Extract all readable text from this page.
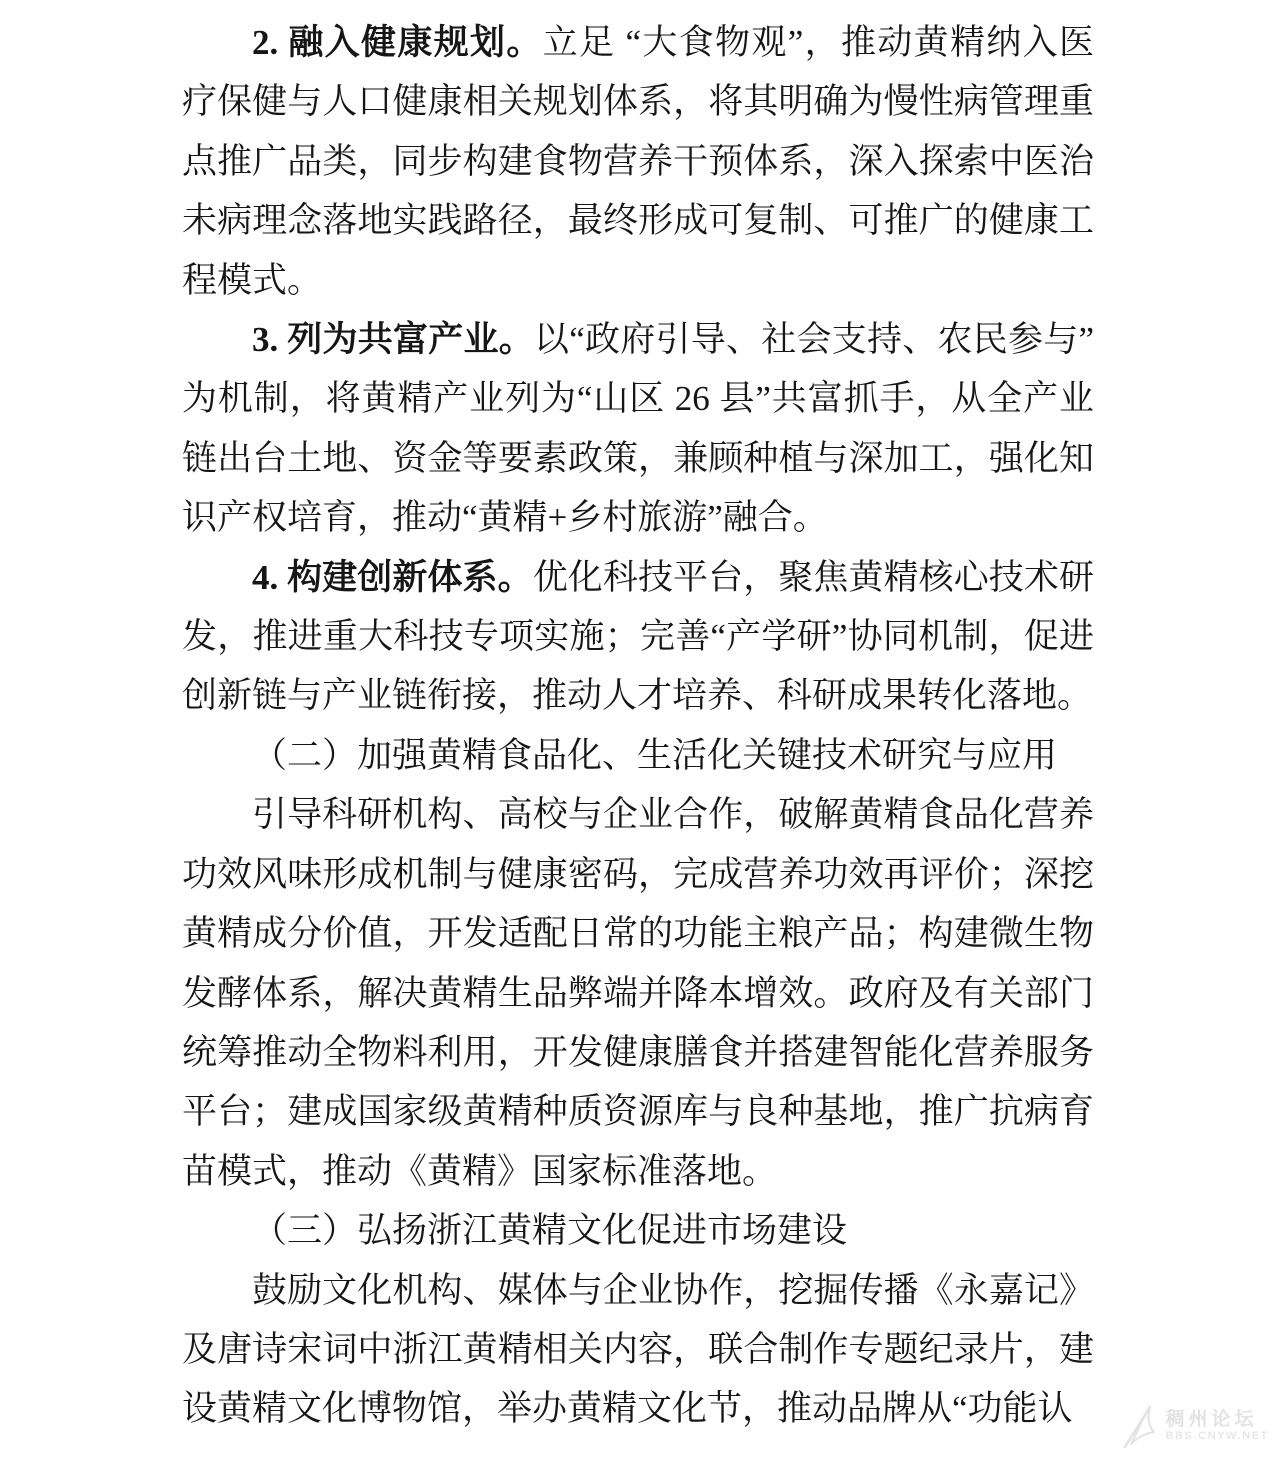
2. 融入健康规划。立足 “大食物观”，推动黄精纳入医疗保健与人口健康相关规划体系，将其明确为慢性病管理重点推广品类，同步构建食物营养干预体系，深入探索中医治未病理念落地实践路径，最终形成可复制、可推广的健康工程模式。

3. 列为共富产业。以“政府引导、社会支持、农民参与”为机制，将黄精产业列为“山区 26 县”共富抓手，从全产业链出台土地、资金等要素政策，兼顾种植与深加工，强化知识产权培育，推动“黄精+乡村旅游”融合。

4. 构建创新体系。优化科技平台，聚焦黄精核心技术研发，推进重大科技专项实施；完善“产学研”协同机制，促进创新链与产业链衔接，推动人才培养、科研成果转化落地。

（二）加强黄精食品化、生活化关键技术研究与应用

引导科研机构、高校与企业合作，破解黄精食品化营养功效风味形成机制与健康密码，完成营养功效再评价；深挖黄精成分价值，开发适配日常的功能主粮产品；构建微生物发酵体系，解决黄精生品弊端并降本增效。政府及有关部门统筹推动全物料利用，开发健康膳食并搭建智能化营养服务平台；建成国家级黄精种质资源库与良种基地，推广抗病育苗模式，推动《黄精》国家标准落地。

（三）弘扬浙江黄精文化促进市场建设

鼓励文化机构、媒体与企业协作，挖掘传播《永嘉记》及唐诗宋词中浙江黄精相关内容，联合制作专题纪录片，建设黄精文化博物馆，举办黄精文化节，推动品牌从“功能认	稠州论坛
BBS.CNYW.NET
